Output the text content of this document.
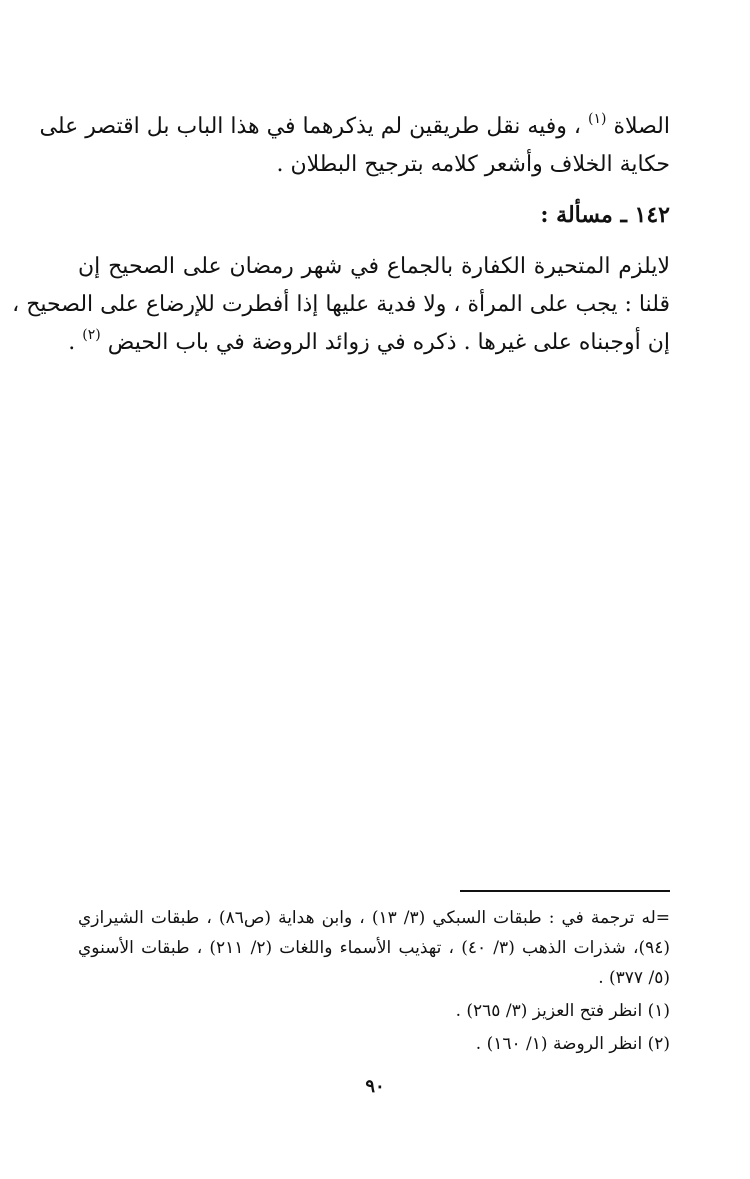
الصلاة $^{(١)}$ ، وفيه نقل طريقين لم يذكرهما في هذا الباب بل اقتصر على
حكاية الخلاف وأشعر كلامه بترجيح البطلان .
١٤٢ ـ مسألة :
لايلزم المتحيرة الكفارة بالجماع في شهر رمضان على الصحيح إن
قلنا : يجب على المرأة ، ولا فدية عليها إذا أفطرت للإرضاع على الصحيح ،
إن أوجبناه على غيرها . ذكره في زوائد الروضة في باب الحيض $^{(٢)}$ .
=له ترجمة في : طبقات السبكي (٣/ ١٣) ، وابن هداية (ص٨٦) ، طبقات الشيرازي
(٩٤)، شذرات الذهب (٣/ ٤٠) ، تهذيب الأسماء واللغات (٢/ ٢١١) ، طبقات الأسنوي
(٥/ ٣٧٧) .
(١) انظر فتح العزيز (٣/ ٢٦٥) .
(٢) انظر الروضة (١/ ١٦٠) .
٩٠
